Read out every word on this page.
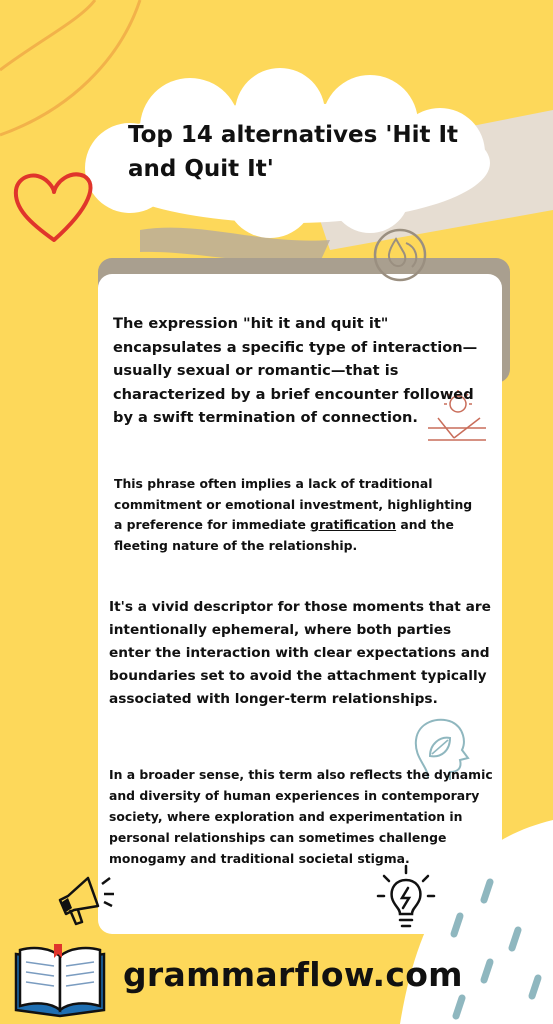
Top 14 alternatives 'Hit It and Quit It'

The expression "hit it and quit it" encapsulates a specific type of interaction—usually sexual or romantic—that is characterized by a brief encounter followed by a swift termination of connection.

This phrase often implies a lack of traditional commitment or emotional investment, highlighting a preference for immediate gratification and the fleeting nature of the relationship.

It's a vivid descriptor for those moments that are intentionally ephemeral, where both parties enter the interaction with clear expectations and boundaries set to avoid the attachment typically associated with longer-term relationships.

In a broader sense, this term also reflects the dynamic and diversity of human experiences in contemporary society, where exploration and experimentation in personal relationships can sometimes challenge monogamy and traditional societal stigma.

grammarflow.com
